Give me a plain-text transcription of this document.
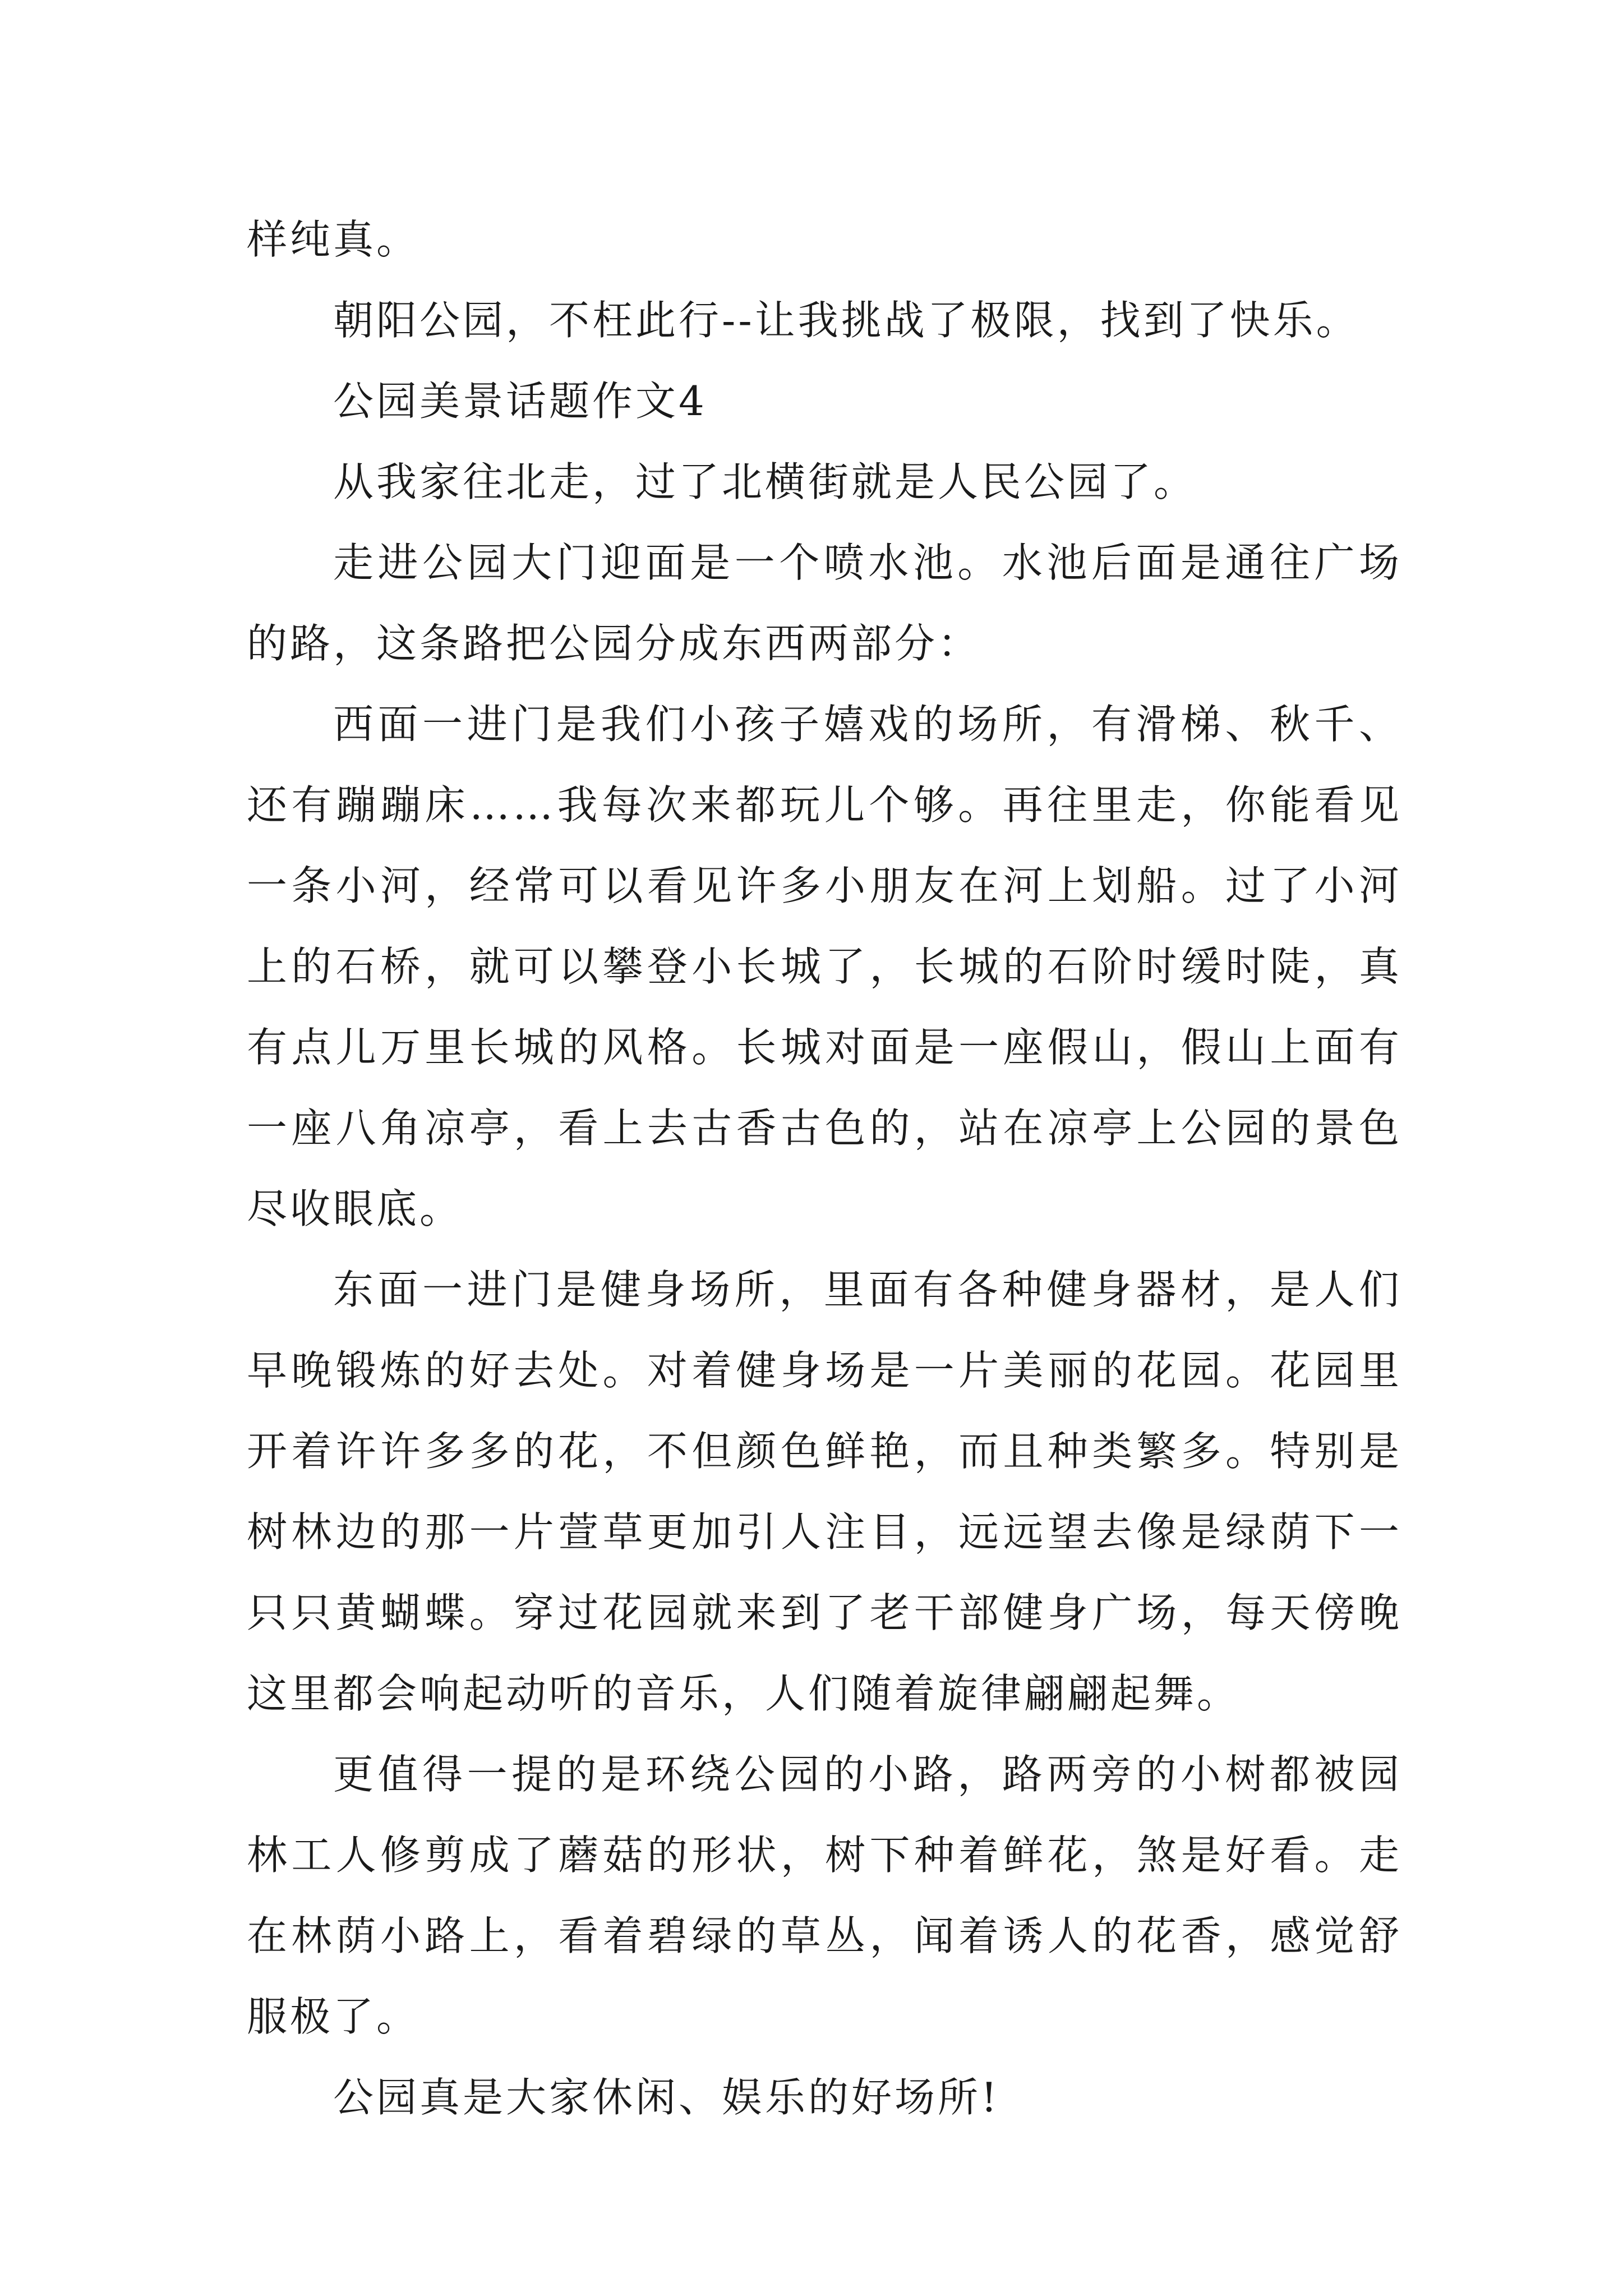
样纯真。

朝阳公园，不枉此行--让我挑战了极限，找到了快乐。

公园美景话题作文4

从我家往北走，过了北横街就是人民公园了。

走进公园大门迎面是一个喷水池。水池后面是通往广场的路，这条路把公园分成东西两部分：

西面一进门是我们小孩子嬉戏的场所，有滑梯、秋千、还有蹦蹦床……我每次来都玩儿个够。再往里走，你能看见一条小河，经常可以看见许多小朋友在河上划船。过了小河上的石桥，就可以攀登小长城了，长城的石阶时缓时陡，真有点儿万里长城的风格。长城对面是一座假山，假山上面有一座八角凉亭，看上去古香古色的，站在凉亭上公园的景色尽收眼底。

东面一进门是健身场所，里面有各种健身器材，是人们早晚锻炼的好去处。对着健身场是一片美丽的花园。花园里开着许许多多的花，不但颜色鲜艳，而且种类繁多。特别是树林边的那一片萱草更加引人注目，远远望去像是绿荫下一只只黄蝴蝶。穿过花园就来到了老干部健身广场，每天傍晚这里都会响起动听的音乐，人们随着旋律翩翩起舞。

更值得一提的是环绕公园的小路，路两旁的小树都被园林工人修剪成了蘑菇的形状，树下种着鲜花，煞是好看。走在林荫小路上，看着碧绿的草丛，闻着诱人的花香，感觉舒服极了。

公园真是大家休闲、娱乐的好场所!
